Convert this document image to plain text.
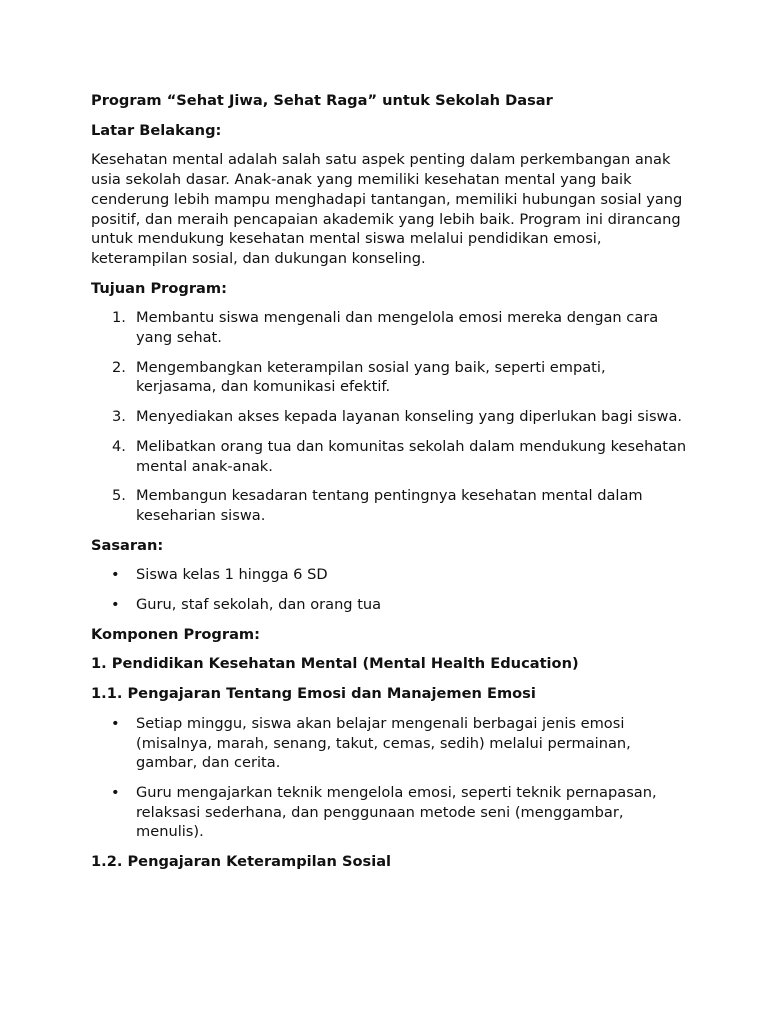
Program “Sehat Jiwa, Sehat Raga” untuk Sekolah Dasar

Latar Belakang:

Kesehatan mental adalah salah satu aspek penting dalam perkembangan anak usia sekolah dasar. Anak-anak yang memiliki kesehatan mental yang baik cenderung lebih mampu menghadapi tantangan, memiliki hubungan sosial yang positif, dan meraih pencapaian akademik yang lebih baik. Program ini dirancang untuk mendukung kesehatan mental siswa melalui pendidikan emosi, keterampilan sosial, dan dukungan konseling.

Tujuan Program:

1. Membantu siswa mengenali dan mengelola emosi mereka dengan cara yang sehat.
2. Mengembangkan keterampilan sosial yang baik, seperti empati, kerjasama, dan komunikasi efektif.
3. Menyediakan akses kepada layanan konseling yang diperlukan bagi siswa.
4. Melibatkan orang tua dan komunitas sekolah dalam mendukung kesehatan mental anak-anak.
5. Membangun kesadaran tentang pentingnya kesehatan mental dalam keseharian siswa.

Sasaran:

• Siswa kelas 1 hingga 6 SD
• Guru, staf sekolah, dan orang tua

Komponen Program:

1. Pendidikan Kesehatan Mental (Mental Health Education)

1.1. Pengajaran Tentang Emosi dan Manajemen Emosi

• Setiap minggu, siswa akan belajar mengenali berbagai jenis emosi (misalnya, marah, senang, takut, cemas, sedih) melalui permainan, gambar, dan cerita.
• Guru mengajarkan teknik mengelola emosi, seperti teknik pernapasan, relaksasi sederhana, dan penggunaan metode seni (menggambar, menulis).

1.2. Pengajaran Keterampilan Sosial
